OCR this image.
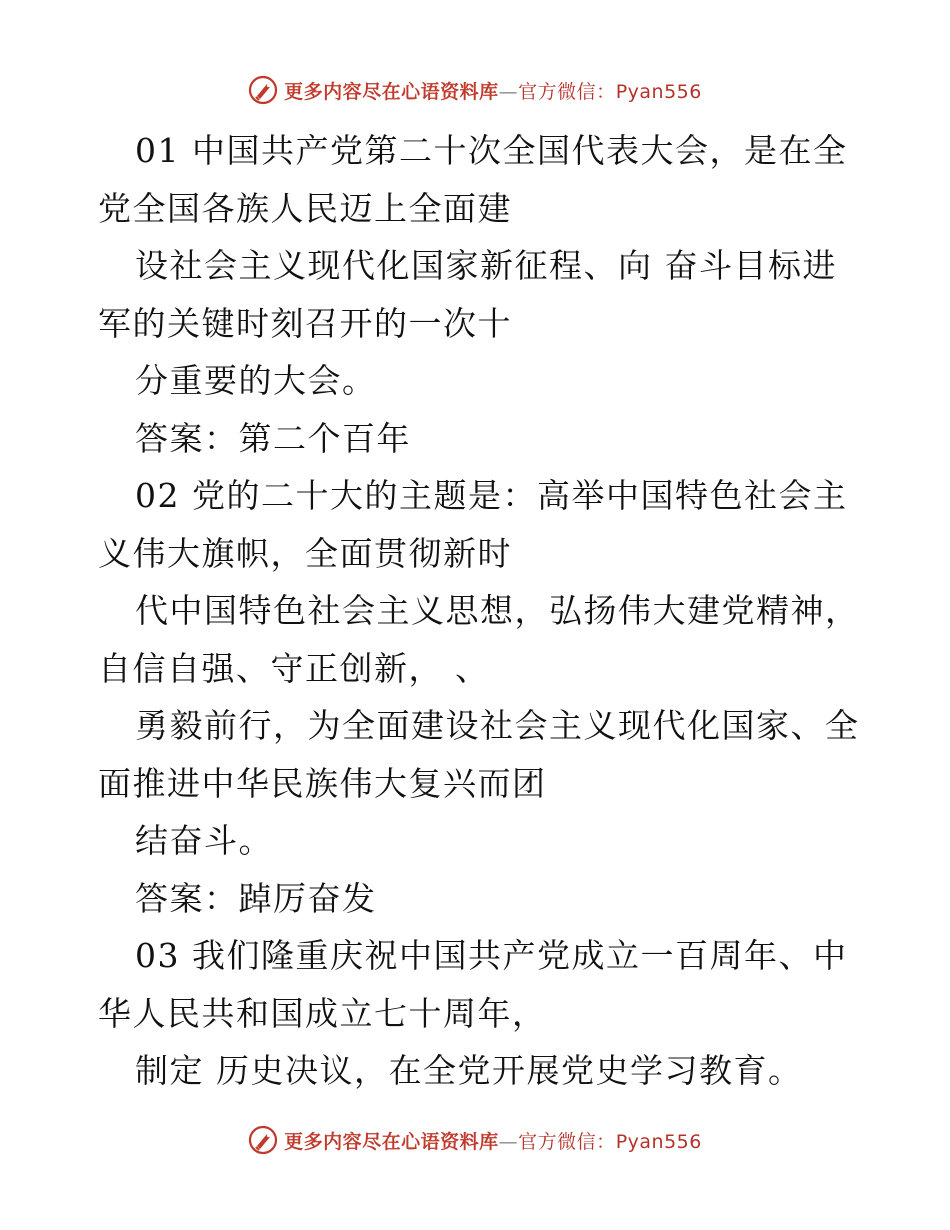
更多内容尽在心语资料库—官方微信：Pyan556
01 中国共产党第二十次全国代表大会，是在全
党全国各族人民迈上全面建
设社会主义现代化国家新征程、向 奋斗目标进
军的关键时刻召开的一次十
分重要的大会。
答案：第二个百年
02 党的二十大的主题是：高举中国特色社会主
义伟大旗帜，全面贯彻新时
代中国特色社会主义思想，弘扬伟大建党精神，
自信自强、守正创新， 、
勇毅前行，为全面建设社会主义现代化国家、全
面推进中华民族伟大复兴而团
结奋斗。
答案：踔厉奋发
03 我们隆重庆祝中国共产党成立一百周年、中
华人民共和国成立七十周年，
制定 历史决议，在全党开展党史学习教育。
更多内容尽在心语资料库—官方微信：Pyan556
